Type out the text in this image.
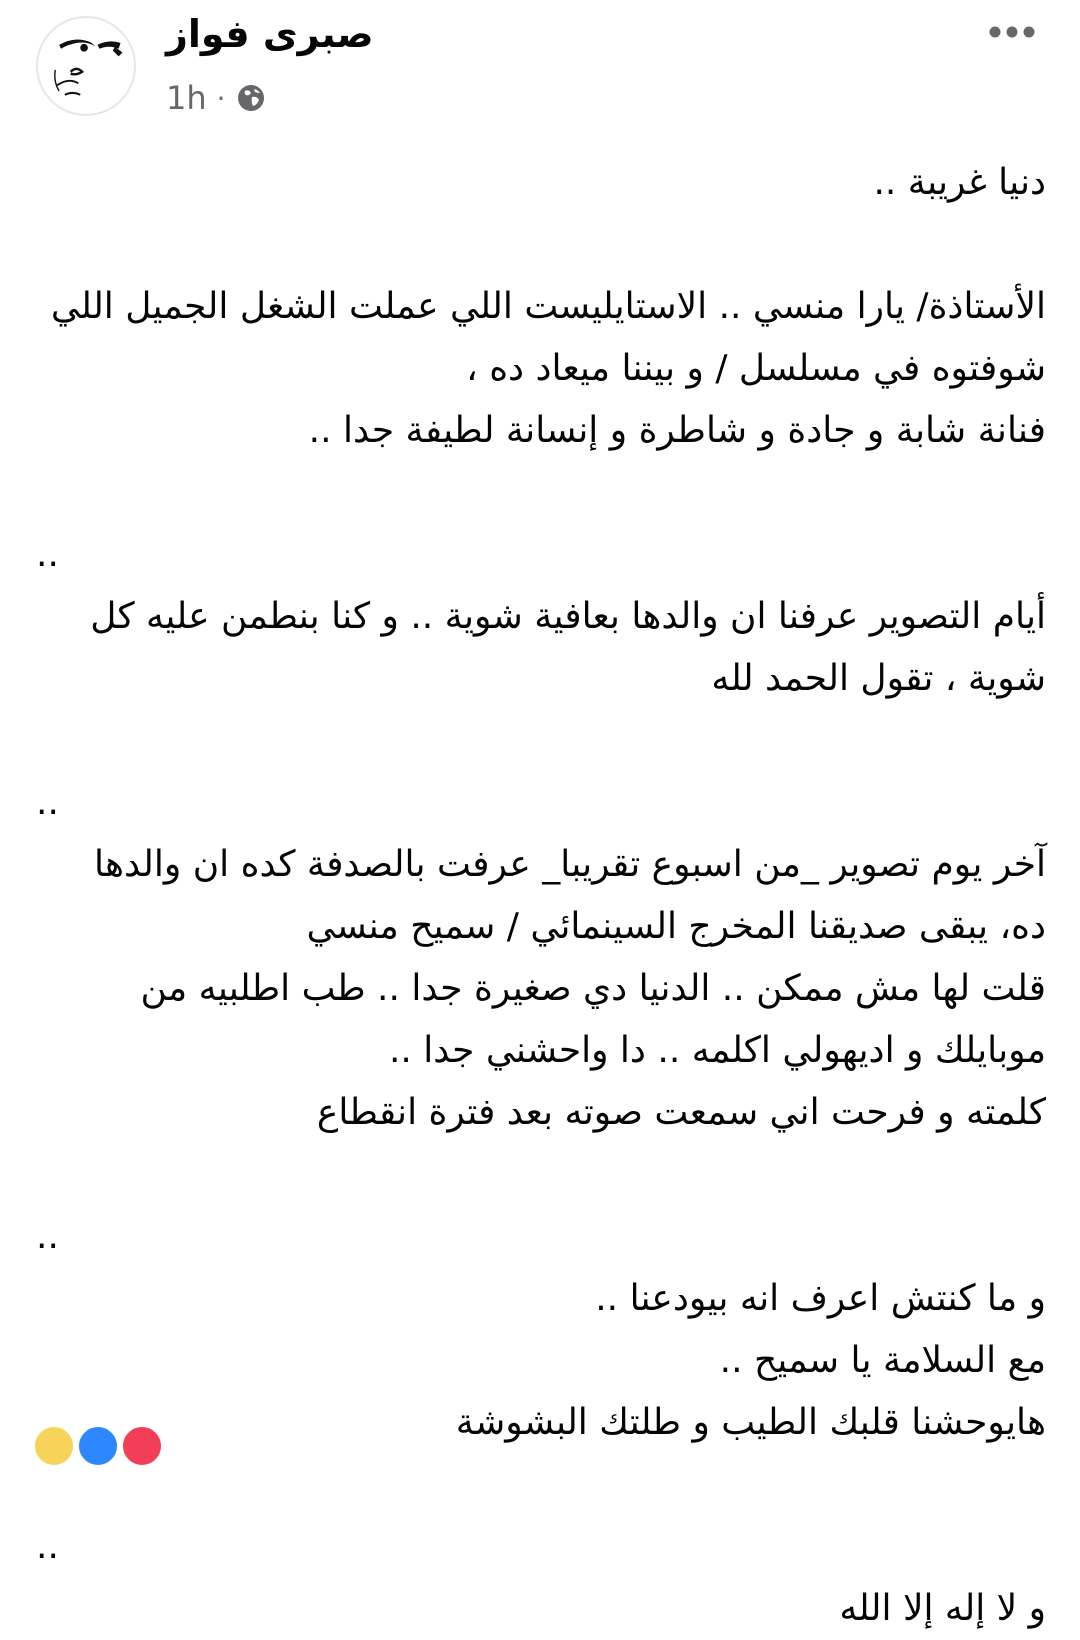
صبرى فواز
1h ·
دنيا غريبة ..
الأستاذة/ يارا منسي .. الاستايليست اللي عملت الشغل الجميل اللي
شوفتوه في مسلسل / و بيننا ميعاد ده ،
فنانة شابة و جادة و شاطرة و إنسانة لطيفة جدا ..
..
أيام التصوير عرفنا ان والدها بعافية شوية .. و كنا بنطمن عليه كل
شوية ، تقول الحمد لله
..
آخر يوم تصوير _من اسبوع تقريبا_ عرفت بالصدفة كده ان والدها
ده، يبقى صديقنا المخرج السينمائي / سميح منسي
قلت لها مش ممكن .. الدنيا دي صغيرة جدا .. طب اطلبيه من
موبايلك و اديهولي اكلمه .. دا واحشني جدا ..
كلمته و فرحت اني سمعت صوته بعد فترة انقطاع
..
و ما كنتش اعرف انه بيودعنا ..
مع السلامة يا سميح ..
هايوحشنا قلبك الطيب و طلتك البشوشة
..
و لا إله إلا الله
